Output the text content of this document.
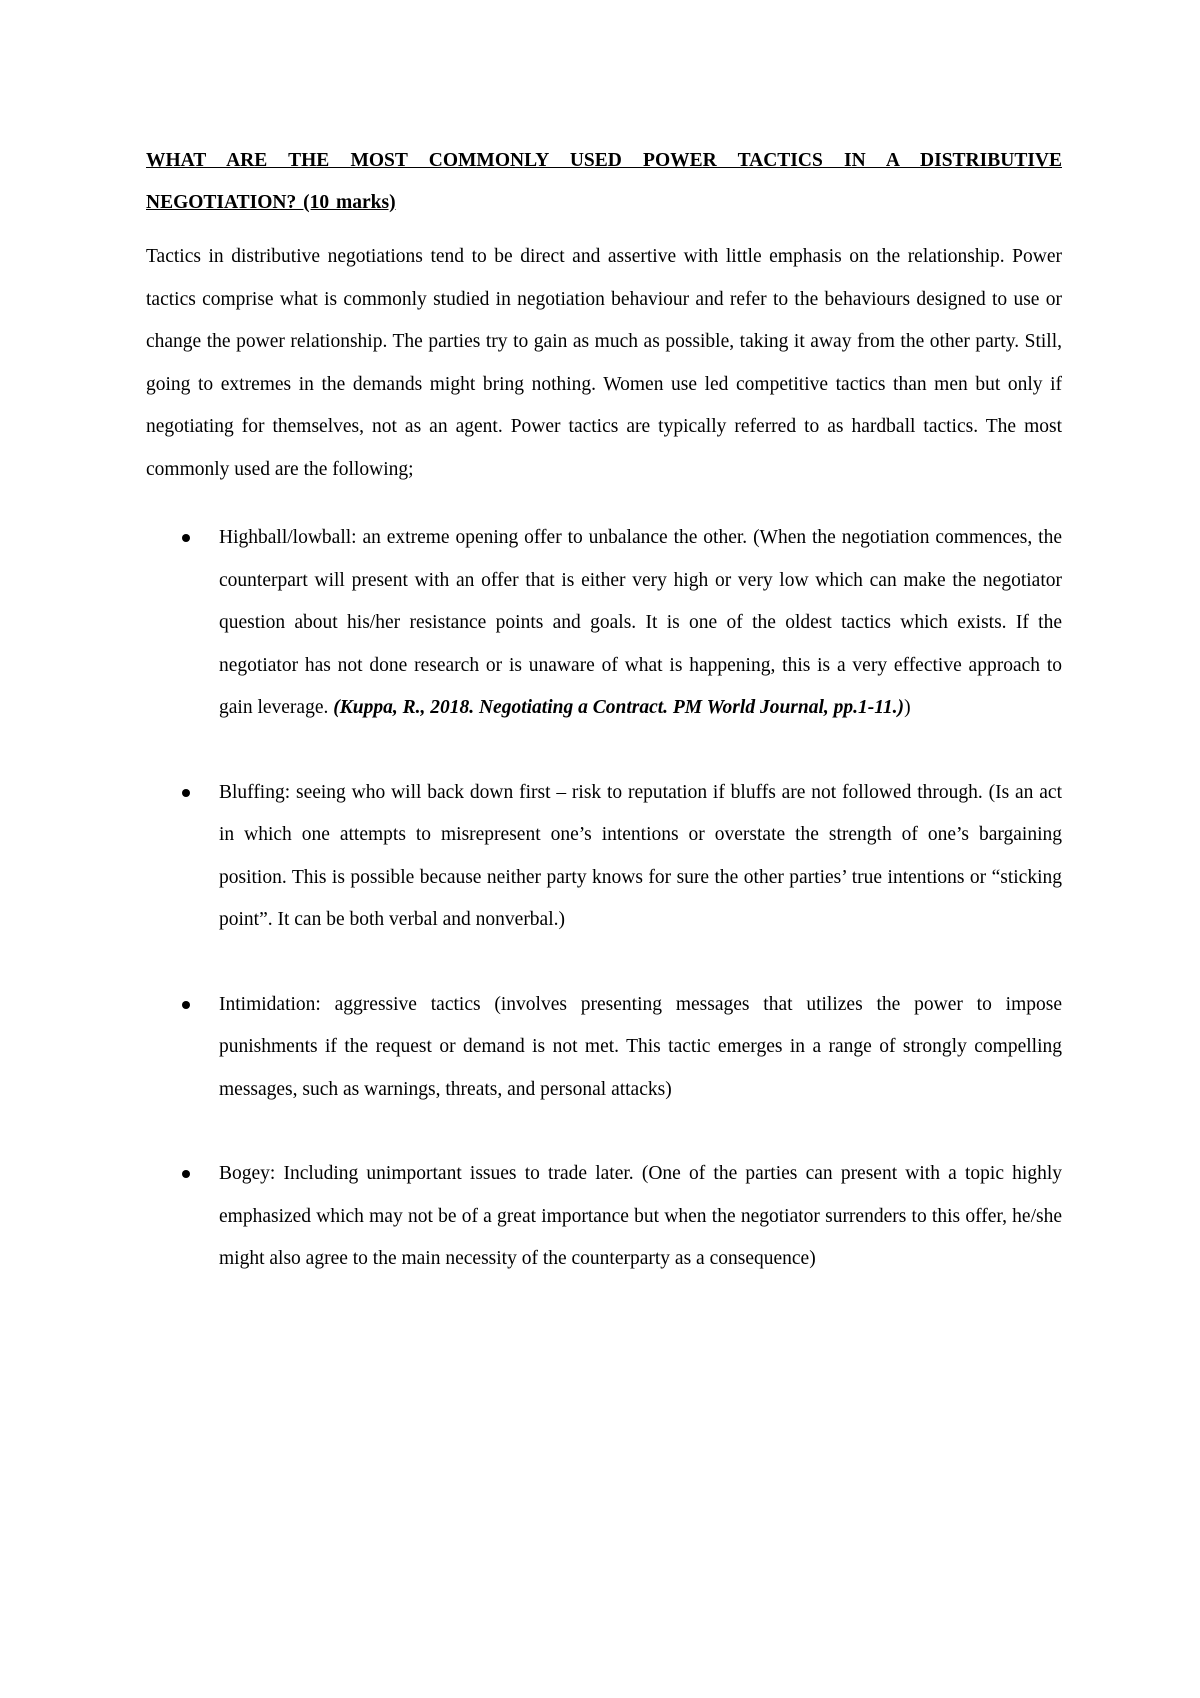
WHAT ARE THE MOST COMMONLY USED POWER TACTICS IN A DISTRIBUTIVE NEGOTIATION? (10 marks)

Tactics in distributive negotiations tend to be direct and assertive with little emphasis on the relationship. Power tactics comprise what is commonly studied in negotiation behaviour and refer to the behaviours designed to use or change the power relationship. The parties try to gain as much as possible, taking it away from the other party. Still, going to extremes in the demands might bring nothing. Women use led competitive tactics than men but only if negotiating for themselves, not as an agent. Power tactics are typically referred to as hardball tactics. The most commonly used are the following;

Highball/lowball: an extreme opening offer to unbalance the other. (When the negotiation commences, the counterpart will present with an offer that is either very high or very low which can make the negotiator question about his/her resistance points and goals. It is one of the oldest tactics which exists. If the negotiator has not done research or is unaware of what is happening, this is a very effective approach to gain leverage. (Kuppa, R., 2018. Negotiating a Contract. PM World Journal, pp.1-11.))
Bluffing: seeing who will back down first – risk to reputation if bluffs are not followed through. (Is an act in which one attempts to misrepresent one’s intentions or overstate the strength of one’s bargaining position. This is possible because neither party knows for sure the other parties’ true intentions or “sticking point”. It can be both verbal and nonverbal.)
Intimidation: aggressive tactics (involves presenting messages that utilizes the power to impose punishments if the request or demand is not met. This tactic emerges in a range of strongly compelling messages, such as warnings, threats, and personal attacks)
Bogey: Including unimportant issues to trade later. (One of the parties can present with a topic highly emphasized which may not be of a great importance but when the negotiator surrenders to this offer, he/she might also agree to the main necessity of the counterparty as a consequence)
